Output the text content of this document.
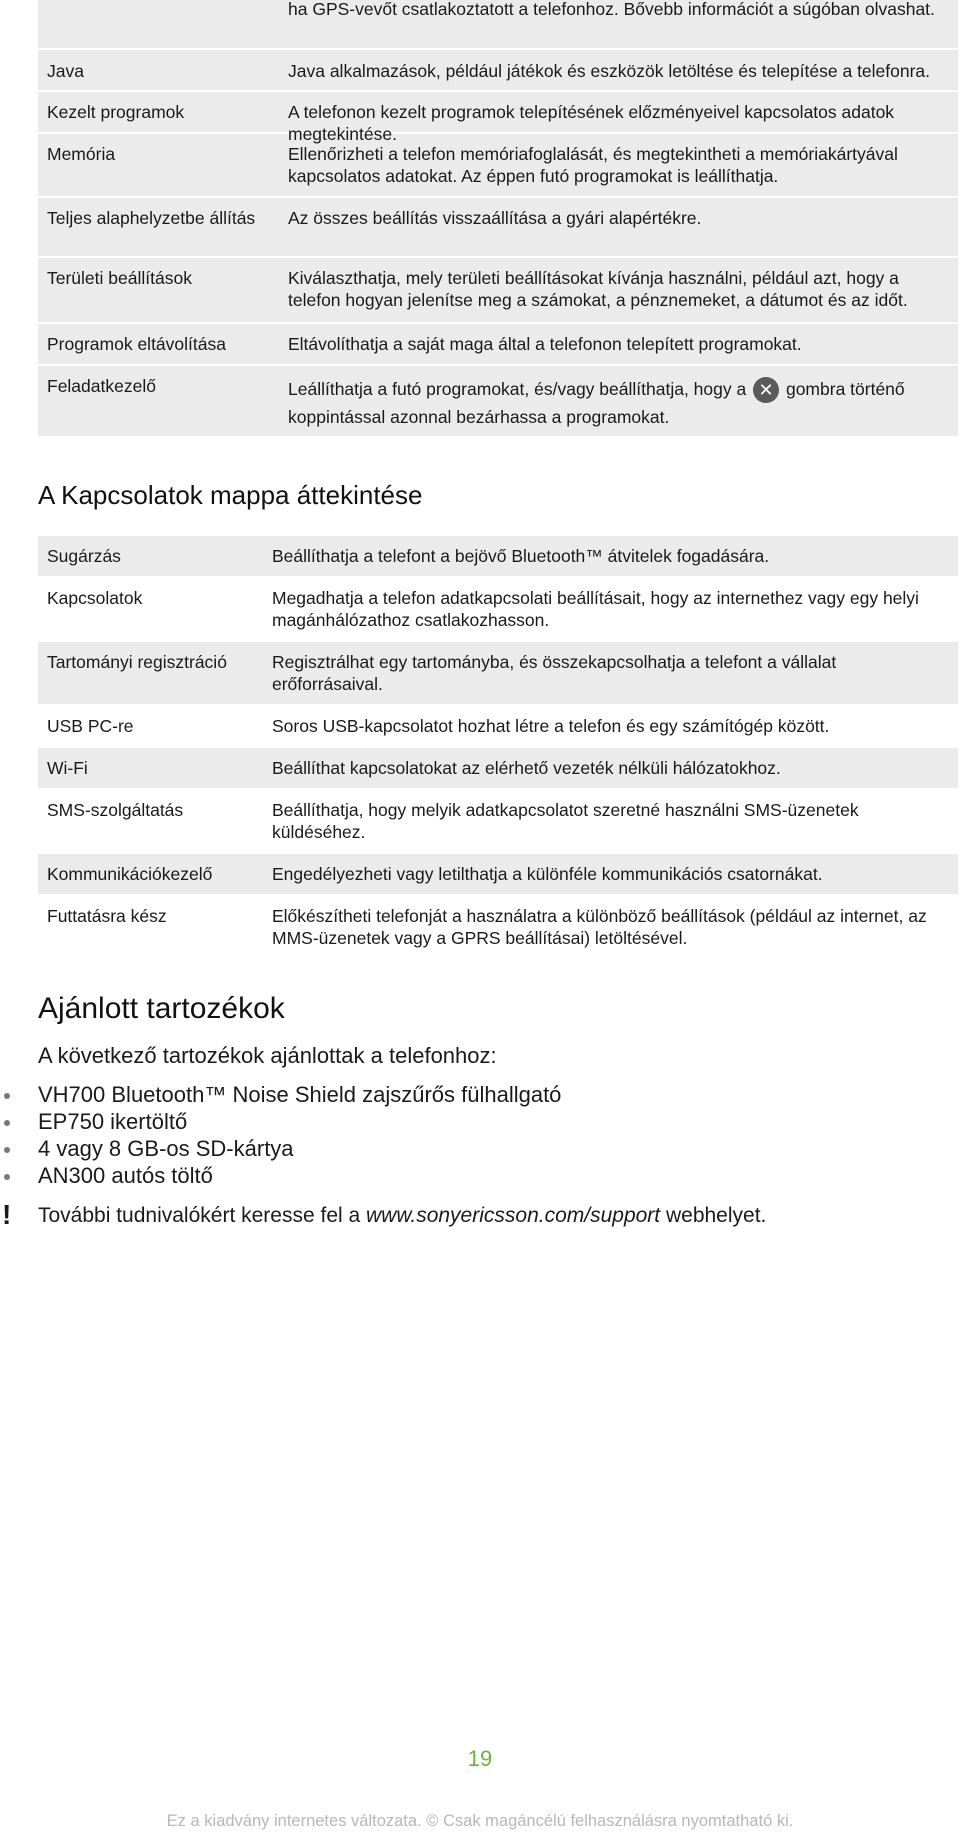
ha GPS-vevőt csatlakoztatott a telefonhoz. Bővebb információt a súgóban olvashat.
Java	Java alkalmazások, például játékok és eszközök letöltése és telepítése a telefonra.
Kezelt programok	A telefonon kezelt programok telepítésének előzményeivel kapcsolatos adatok megtekintése.
Memória	Ellenőrizheti a telefon memóriafoglalását, és megtekintheti a memóriakártyával kapcsolatos adatokat. Az éppen futó programokat is leállíthatja.
Teljes alaphelyzetbe állítás	Az összes beállítás visszaállítása a gyári alapértékre.
Területi beállítások	Kiválaszthatja, mely területi beállításokat kívánja használni, például azt, hogy a telefon hogyan jelenítse meg a számokat, a pénznemeket, a dátumot és az időt.
Programok eltávolítása	Eltávolíthatja a saját maga által a telefonon telepített programokat.
Feladatkezelő	Leállíthatja a futó programokat, és/vagy beállíthatja, hogy a ✕ gombra történő koppintással azonnal bezárhassa a programokat.
A Kapcsolatok mappa áttekintése
Sugárzás	Beállíthatja a telefont a bejövő Bluetooth™ átvitelek fogadására.
Kapcsolatok	Megadhatja a telefon adatkapcsolati beállításait, hogy az internethez vagy egy helyi magánhálózathoz csatlakozhasson.
Tartományi regisztráció	Regisztrálhat egy tartományba, és összekapcsolhatja a telefont a vállalat erőforrásaival.
USB PC-re	Soros USB-kapcsolatot hozhat létre a telefon és egy számítógép között.
Wi-Fi	Beállíthat kapcsolatokat az elérhető vezeték nélküli hálózatokhoz.
SMS-szolgáltatás	Beállíthatja, hogy melyik adatkapcsolatot szeretné használni SMS-üzenetek küldéséhez.
Kommunikációkezelő	Engedélyezheti vagy letilthatja a különféle kommunikációs csatornákat.
Futtatásra kész	Előkészítheti telefonját a használatra a különböző beállítások (például az internet, az MMS-üzenetek vagy a GPRS beállításai) letöltésével.
Ajánlott tartozékok

A következő tartozékok ajánlottak a telefonhoz:

VH700 Bluetooth™ Noise Shield zajszűrős fülhallgató
EP750 ikertöltő
4 vagy 8 GB-os SD-kártya
AN300 autós töltő
! További tudnivalókért keresse fel a www.sonyericsson.com/support webhelyet.
19
Ez a kiadvány internetes változata. © Csak magáncélú felhasználásra nyomtatható ki.
